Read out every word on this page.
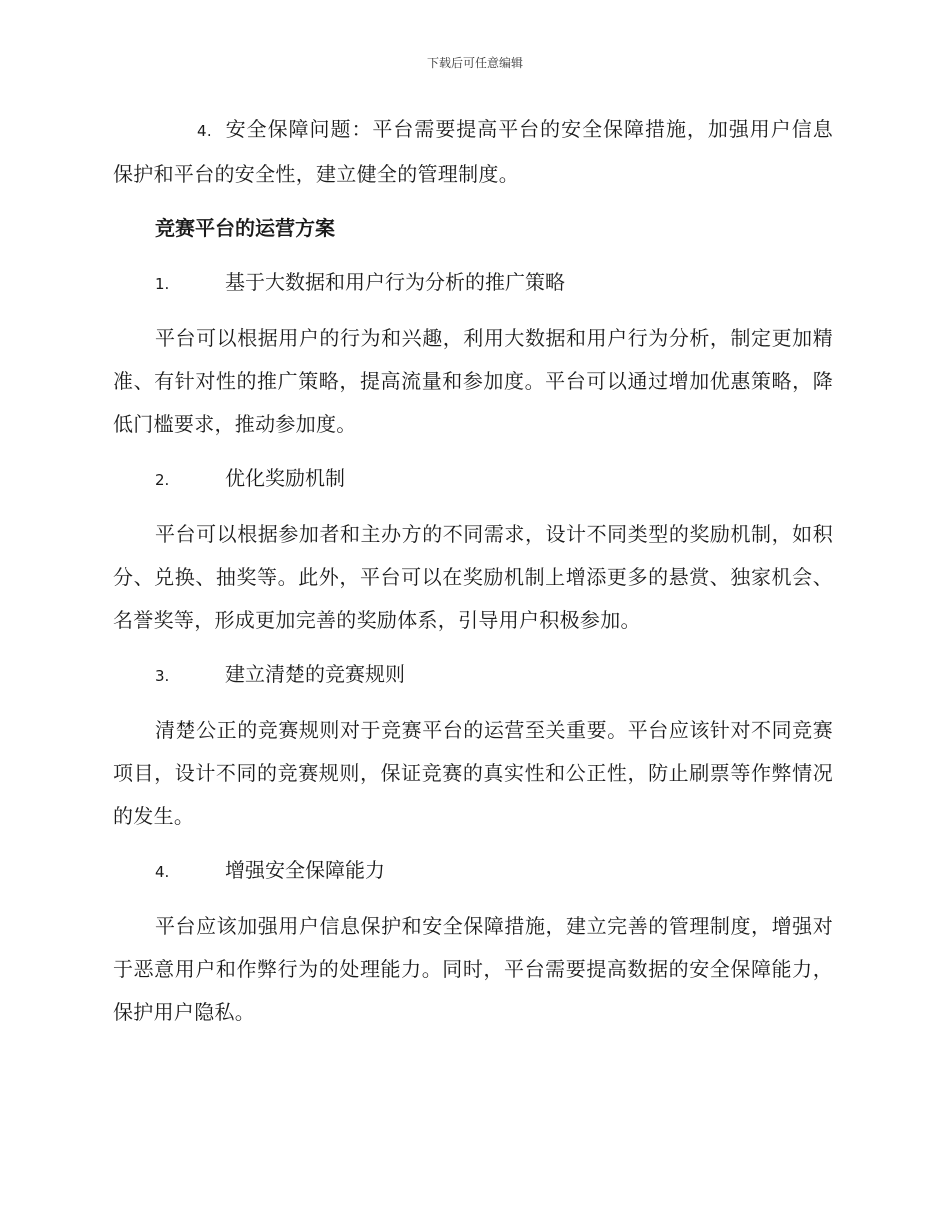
下载后可任意编辑

4. 安全保障问题：平台需要提高平台的安全保障措施，加强用户信息保护和平台的安全性，建立健全的管理制度。

竞赛平台的运营方案
1.	基于大数据和用户行为分析的推广策略

平台可以根据用户的行为和兴趣，利用大数据和用户行为分析，制定更加精准、有针对性的推广策略，提高流量和参加度。平台可以通过增加优惠策略，降低门槛要求，推动参加度。

2.	优化奖励机制

平台可以根据参加者和主办方的不同需求，设计不同类型的奖励机制，如积分、兑换、抽奖等。此外，平台可以在奖励机制上增添更多的悬赏、独家机会、名誉奖等，形成更加完善的奖励体系，引导用户积极参加。

3.	建立清楚的竞赛规则

清楚公正的竞赛规则对于竞赛平台的运营至关重要。平台应该针对不同竞赛项目，设计不同的竞赛规则，保证竞赛的真实性和公正性，防止刷票等作弊情况的发生。

4.	增强安全保障能力

平台应该加强用户信息保护和安全保障措施，建立完善的管理制度，增强对于恶意用户和作弊行为的处理能力。同时，平台需要提高数据的安全保障能力，保护用户隐私。
